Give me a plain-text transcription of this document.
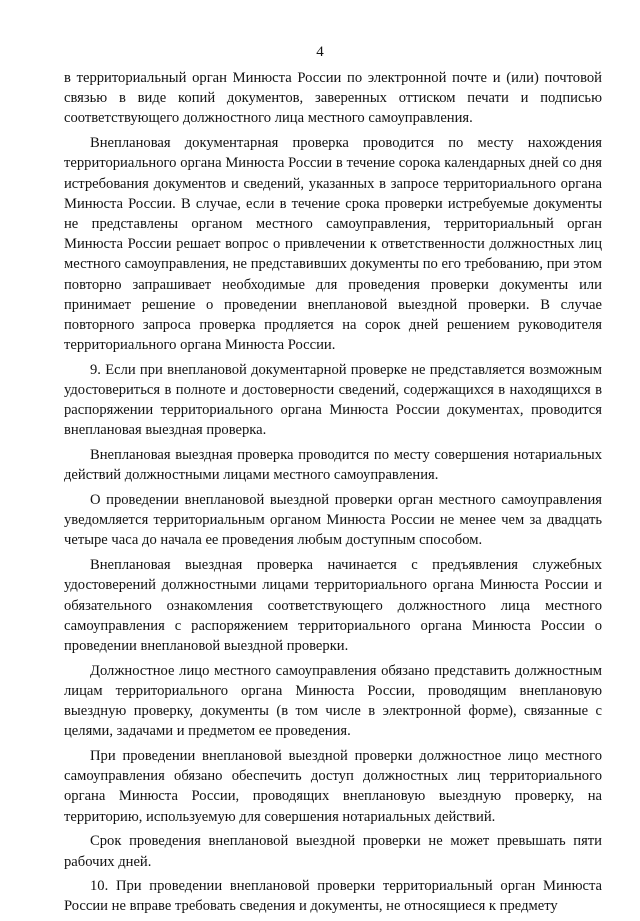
4

в территориальный орган Минюста России по электронной почте и (или) почтовой связью в виде копий документов, заверенных оттиском печати и подписью соответствующего должностного лица местного самоуправления.

Внеплановая документарная проверка проводится по месту нахождения территориального органа Минюста России в течение сорока календарных дней со дня истребования документов и сведений, указанных в запросе территориального органа Минюста России. В случае, если в течение срока проверки истребуемые документы не представлены органом местного самоуправления, территориальный орган Минюста России решает вопрос о привлечении к ответственности должностных лиц местного самоуправления, не представивших документы по его требованию, при этом повторно запрашивает необходимые для проведения проверки документы или принимает решение о проведении внеплановой выездной проверки. В случае повторного запроса проверка продляется на сорок дней решением руководителя территориального органа Минюста России.

9. Если при внеплановой документарной проверке не представляется возможным удостовериться в полноте и достоверности сведений, содержащихся в находящихся в распоряжении территориального органа Минюста России документах, проводится внеплановая выездная проверка.

Внеплановая выездная проверка проводится по месту совершения нотариальных действий должностными лицами местного самоуправления.

О проведении внеплановой выездной проверки орган местного самоуправления уведомляется территориальным органом Минюста России не менее чем за двадцать четыре часа до начала ее проведения любым доступным способом.

Внеплановая выездная проверка начинается с предъявления служебных удостоверений должностными лицами территориального органа Минюста России и обязательного ознакомления соответствующего должностного лица местного самоуправления с распоряжением территориального органа Минюста России о проведении внеплановой выездной проверки.

Должностное лицо местного самоуправления обязано представить должностным лицам территориального органа Минюста России, проводящим внеплановую выездную проверку, документы (в том числе в электронной форме), связанные с целями, задачами и предметом ее проведения.

При проведении внеплановой выездной проверки должностное лицо местного самоуправления обязано обеспечить доступ должностных лиц территориального органа Минюста России, проводящих внеплановую выездную проверку, на территорию, используемую для совершения нотариальных действий.

Срок проведения внеплановой выездной проверки не может превышать пяти рабочих дней.

10. При проведении внеплановой проверки территориальный орган Минюста России не вправе требовать сведения и документы, не относящиеся к предмету
